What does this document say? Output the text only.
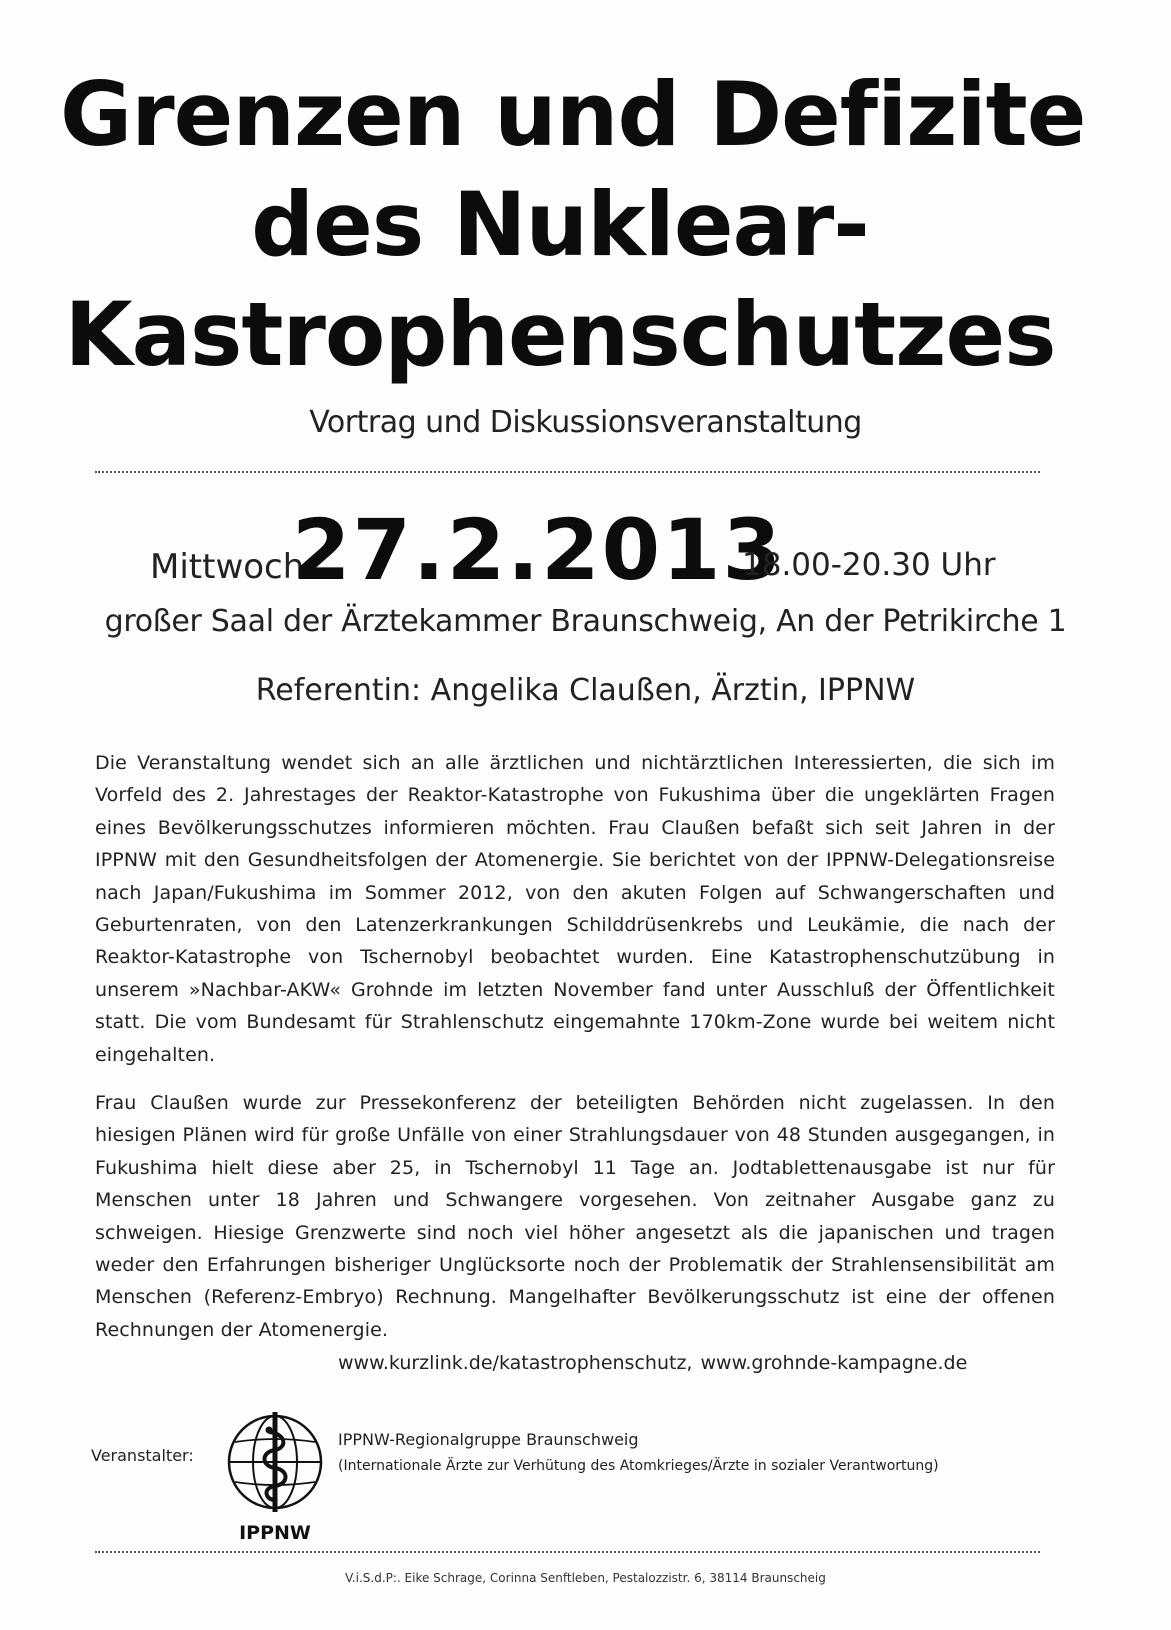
Grenzen und Defizite
des Nuklear-
Kastrophenschutzes
Vortrag und Diskussionsveranstaltung
Mittwoch
27.2.2013
18.00-20.30 Uhr
großer Saal der Ärztekammer Braunschweig, An der Petrikirche 1
Referentin: Angelika Claußen, Ärztin, IPPNW
Die Veranstaltung wendet sich an alle ärztlichen und nichtärztlichen Interessierten, die sich im Vorfeld des 2. Jahrestages der Reaktor-Katastrophe von Fukushima über die ungeklärten Fragen eines Bevölkerungsschutzes informieren möchten. Frau Claußen befaßt sich seit Jahren in der IPPNW mit den Gesundheitsfolgen der Atomenergie. Sie berichtet von der IPPNW-Delegationsreise nach Japan/Fukushima im Sommer 2012, von den akuten Folgen auf Schwangerschaften und Geburtenraten, von den Latenzerkrankungen Schilddrüsenkrebs und Leukämie, die nach der Reaktor-Katastrophe von Tschernobyl beobachtet wurden. Eine Katastrophenschutzübung in unserem »Nachbar-AKW« Grohnde im letzten November fand unter Ausschluß der Öffentlichkeit statt. Die vom Bundesamt für Strahlenschutz eingemahnte 170km-Zone wurde bei weitem nicht eingehalten.
Frau Claußen wurde zur Pressekonferenz der beteiligten Behörden nicht zugelassen. In den hiesigen Plänen wird für große Unfälle von einer Strahlungsdauer von 48 Stunden ausgegangen, in Fukushima hielt diese aber 25, in Tschernobyl 11 Tage an. Jodtablettenausgabe ist nur für Menschen unter 18 Jahren und Schwangere vorgesehen. Von zeitnaher Ausgabe ganz zu schweigen. Hiesige Grenzwerte sind noch viel höher angesetzt als die japanischen und tragen weder den Erfahrungen bisheriger Unglücksorte noch der Problematik der Strahlensensibilität am Menschen (Referenz-Embryo) Rechnung. Mangelhafter Bevölkerungsschutz ist eine der offenen Rechnungen der Atomenergie.
www.kurzlink.de/katastrophenschutz, www.grohnde-kampagne.de
Veranstalter:
IPPNW
IPPNW-Regionalgruppe Braunschweig
(Internationale Ärzte zur Verhütung des Atomkrieges/Ärzte in sozialer Verantwortung)
V.i.S.d.P:. Eike Schrage, Corinna Senftleben, Pestalozzistr. 6, 38114 Braunscheig
